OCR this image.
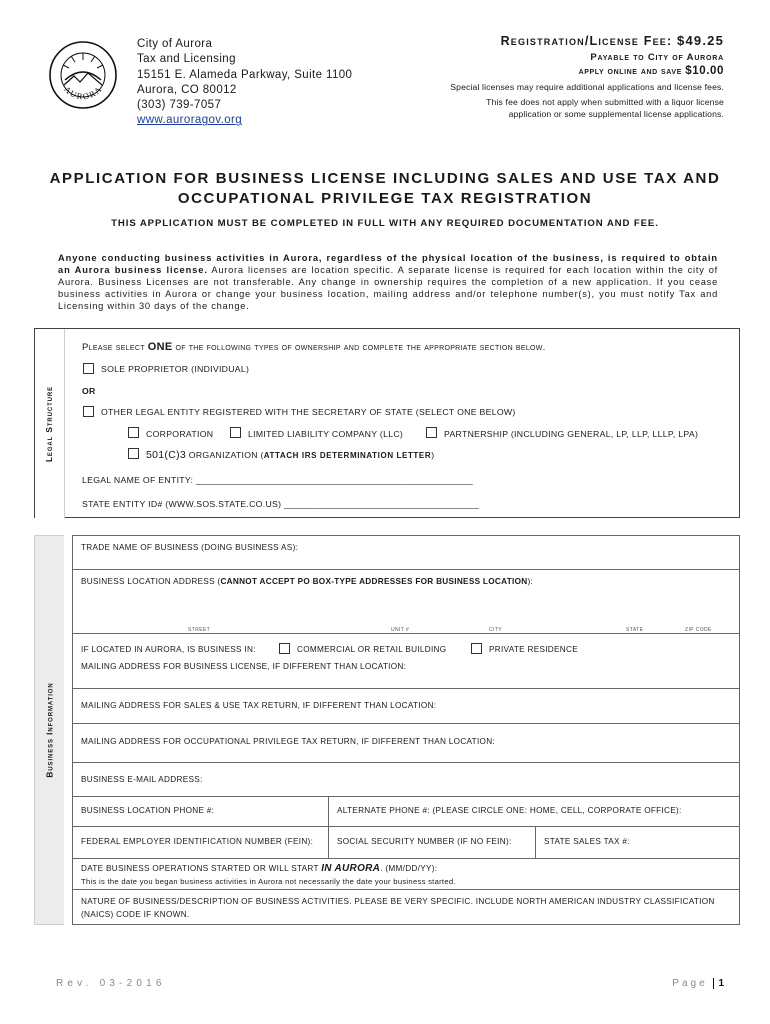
AURORA
City of Aurora
Tax and Licensing
15151 E. Alameda Parkway, Suite 1100
Aurora, CO 80012
(303) 739-7057
www.auroragov.org
Registration/License Fee: $49.25
Payable to City of Aurora
apply online and save $10.00
Special licenses may require additional applications and license fees.
This fee does not apply when submitted with a liquor license
application or some supplemental license applications.
APPLICATION FOR BUSINESS LICENSE INCLUDING SALES AND USE TAX AND
OCCUPATIONAL PRIVILEGE TAX REGISTRATION
THIS APPLICATION MUST BE COMPLETED IN FULL WITH ANY REQUIRED DOCUMENTATION AND FEE.
Anyone conducting business activities in Aurora, regardless of the physical location of the business, is required to obtain an Aurora business license. Aurora licenses are location specific. A separate license is required for each location within the city of Aurora. Business Licenses are not transferable. Any change in ownership requires the completion of a new application. If you cease business activities in Aurora or change your business location, mailing address and/or telephone number(s), you must notify Tax and Licensing within 30 days of the change.
Legal Structure
Please select ONE of the following types of ownership and complete the appropriate section below.
SOLE PROPRIETOR (INDIVIDUAL)
OR
OTHER LEGAL ENTITY REGISTERED WITH THE SECRETARY OF STATE (SELECT ONE BELOW)
CORPORATION	LIMITED LIABILITY COMPANY (LLC)	PARTNERSHIP (INCLUDING GENERAL, LP, LLP, LLLP, LPA)
501(C)3 ORGANIZATION (ATTACH IRS DETERMINATION LETTER)
LEGAL NAME OF ENTITY: ______________________________________________________
STATE ENTITY ID# (WWW.SOS.STATE.CO.US) ______________________________________
Business Information
TRADE NAME OF BUSINESS (DOING BUSINESS AS):
BUSINESS LOCATION ADDRESS (CANNOT ACCEPT PO BOX-TYPE ADDRESSES FOR BUSINESS LOCATION):
STREET	UNIT #	CITY	STATE	ZIP CODE
IF LOCATED IN AURORA, IS BUSINESS IN:	COMMERCIAL OR RETAIL BUILDING	PRIVATE RESIDENCE
MAILING ADDRESS FOR BUSINESS LICENSE, IF DIFFERENT THAN LOCATION:
MAILING ADDRESS FOR SALES & USE TAX RETURN, IF DIFFERENT THAN LOCATION:
MAILING ADDRESS FOR OCCUPATIONAL PRIVILEGE TAX RETURN, IF DIFFERENT THAN LOCATION:
BUSINESS E-MAIL ADDRESS:
BUSINESS LOCATION PHONE #:	ALTERNATE PHONE #: (PLEASE CIRCLE ONE: HOME, CELL, CORPORATE OFFICE):
FEDERAL EMPLOYER IDENTIFICATION NUMBER (FEIN):	SOCIAL SECURITY NUMBER (IF NO FEIN):	STATE SALES TAX #:
DATE BUSINESS OPERATIONS STARTED OR WILL START IN AURORA. (MM/DD/YY):
This is the date you began business activities in Aurora not necessarily the date your business started.
NATURE OF BUSINESS/DESCRIPTION OF BUSINESS ACTIVITIES. PLEASE BE VERY SPECIFIC. INCLUDE NORTH AMERICAN INDUSTRY CLASSIFICATION
(NAICS) CODE IF KNOWN.
Rev. 03-2016	Page 1
